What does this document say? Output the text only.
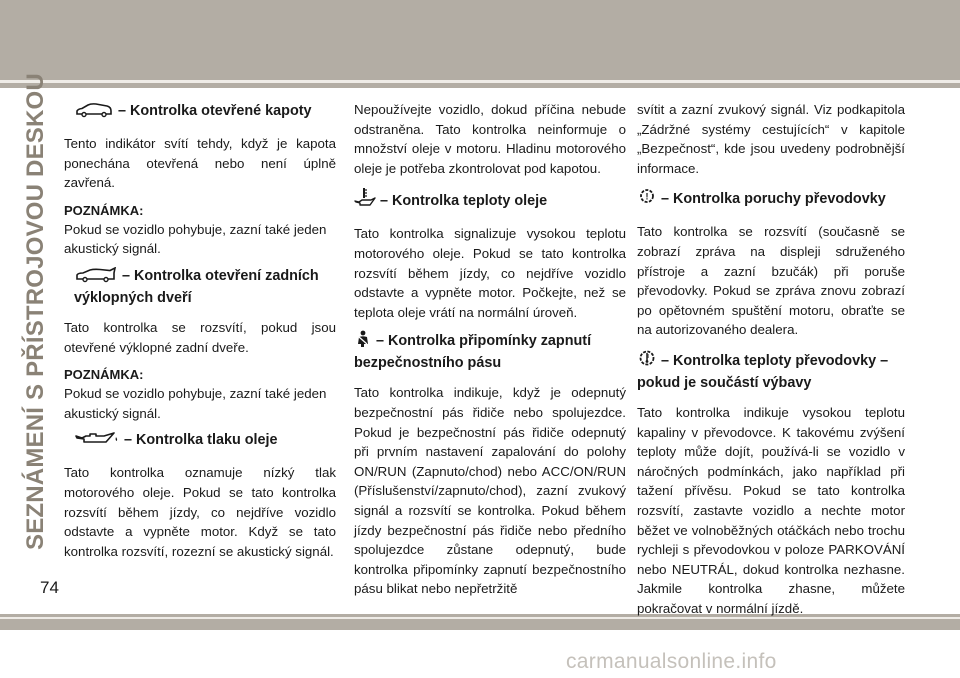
SEZNÁMENÍ S PŘÍSTROJOVOU DESKOU
74
– Kontrolka otevřené kapoty

Tento indikátor svítí tehdy, když je kapota ponechána otevřená nebo není úplně zavřená.

POZNÁMKA:
Pokud se vozidlo pohybuje, zazní také jeden akustický signál.
– Kontrolka otevření zadních výklopných dveří

Tato kontrolka se rozsvítí, pokud jsou otevřené výklopné zadní dveře.

POZNÁMKA:
Pokud se vozidlo pohybuje, zazní také jeden akustický signál.
– Kontrolka tlaku oleje

Tato kontrolka oznamuje nízký tlak motorového oleje. Pokud se tato kontrolka rozsvítí během jízdy, co nejdříve vozidlo odstavte a vypněte motor. Když se tato kontrolka rozsvítí, rozezní se akustický signál.

Nepoužívejte vozidlo, dokud příčina nebude odstraněna. Tato kontrolka neinformuje o množství oleje v motoru. Hladinu motorového oleje je potřeba zkontrolovat pod kapotou.

– Kontrolka teploty oleje

Tato kontrolka signalizuje vysokou teplotu motorového oleje. Pokud se tato kontrolka rozsvítí během jízdy, co nejdříve vozidlo odstavte a vypněte motor. Počkejte, než se teplota oleje vrátí na normální úroveň.

– Kontrolka připomínky zapnutí bezpečnostního pásu

Tato kontrolka indikuje, když je odepnutý bezpečnostní pás řidiče nebo spolujezdce. Pokud je bezpečnostní pás řidiče odepnutý při prvním nastavení zapalování do polohy ON/RUN (Zapnuto/chod) nebo ACC/ON/RUN (Příslušenství/zapnuto/chod), zazní zvukový signál a rozsvítí se kontrolka. Pokud během jízdy bezpečnostní pás řidiče nebo předního spolujezdce zůstane odepnutý, bude kontrolka připomínky zapnutí bezpečnostního pásu blikat nebo nepřetržitě

svítit a zazní zvukový signál. Viz podkapitola „Zádržné systémy cestujících“ v kapitole „Bezpečnost“, kde jsou uvedeny podrobnější informace.

! – Kontrolka poruchy převodovky

Tato kontrolka se rozsvítí (současně se zobrazí zpráva na displeji sdruženého přístroje a zazní bzučák) při poruše převodovky. Pokud se zpráva znovu zobrazí po opětovném spuštění motoru, obraťte se na autorizovaného dealera.

– Kontrolka teploty převodovky – pokud je součástí výbavy

Tato kontrolka indikuje vysokou teplotu kapaliny v převodovce. K takovému zvýšení teploty může dojít, používá-li se vozidlo v náročných podmínkách, jako například při tažení přívěsu. Pokud se tato kontrolka rozsvítí, zastavte vozidlo a nechte motor běžet ve volnoběžných otáčkách nebo trochu rychleji s převodovkou v poloze PARKOVÁNÍ nebo NEUTRÁL, dokud kontrolka nezhasne. Jakmile kontrolka zhasne, můžete pokračovat v normální jízdě.

carmanualsonline.info
